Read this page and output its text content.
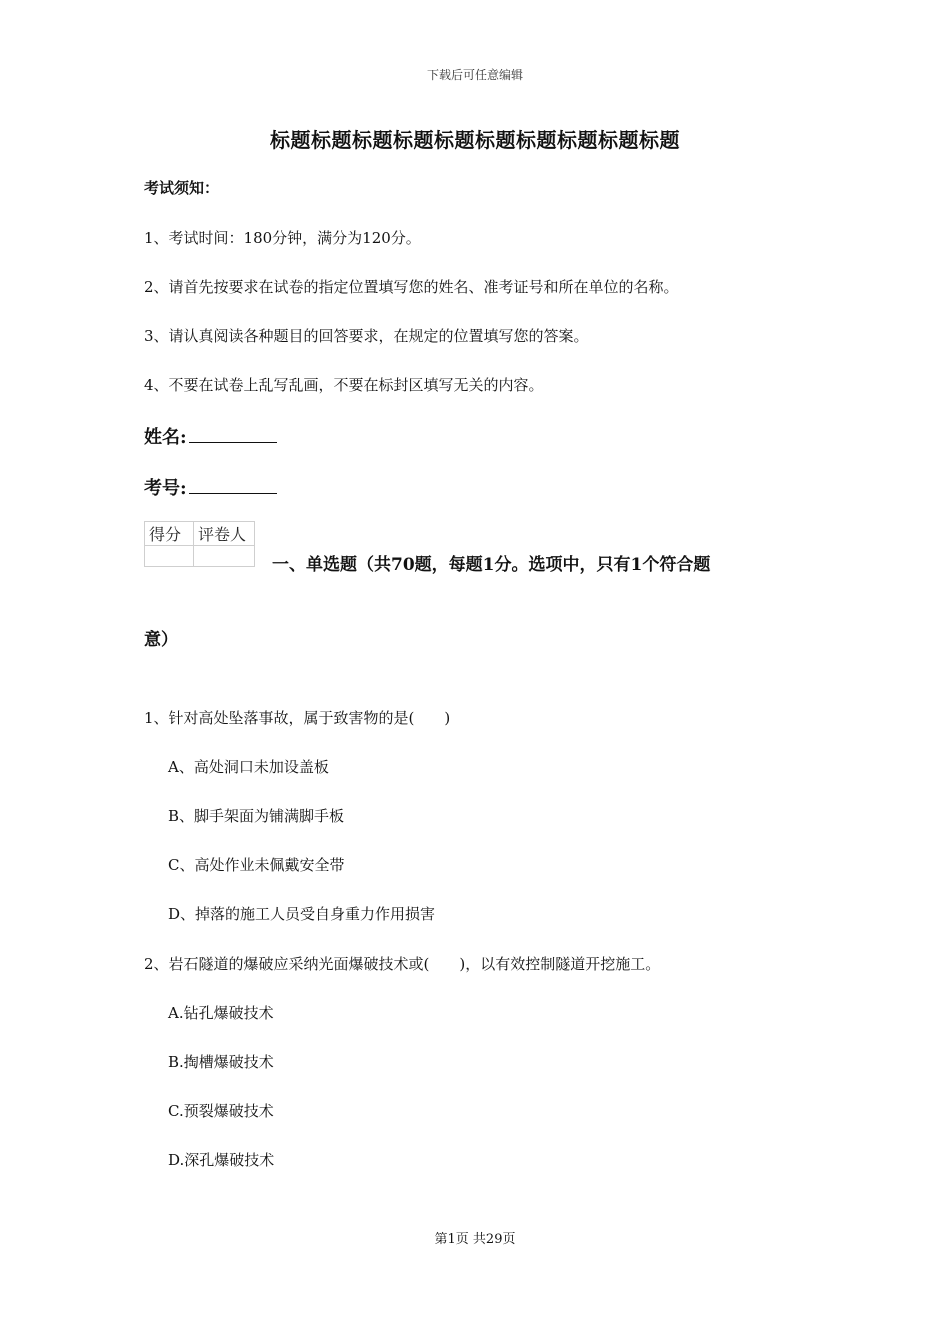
下载后可任意编辑
标题标题标题标题标题标题标题标题标题标题
考试须知：
1、考试时间：180分钟，满分为120分。
2、请首先按要求在试卷的指定位置填写您的姓名、准考证号和所在单位的名称。
3、请认真阅读各种题目的回答要求，在规定的位置填写您的答案。
4、不要在试卷上乱写乱画，不要在标封区填写无关的内容。
姓名:
考号:
得分	评卷人

一、单选题（共70题，每题1分。选项中，只有1个符合题
意）
1、针对高处坠落事故，属于致害物的是(　　)
A、高处洞口未加设盖板
B、脚手架面为铺满脚手板
C、高处作业未佩戴安全带
D、掉落的施工人员受自身重力作用损害
2、岩石隧道的爆破应采纳光面爆破技术或(　　)，以有效控制隧道开挖施工。
A.钻孔爆破技术
B.掏槽爆破技术
C.预裂爆破技术
D.深孔爆破技术
第1页 共29页
